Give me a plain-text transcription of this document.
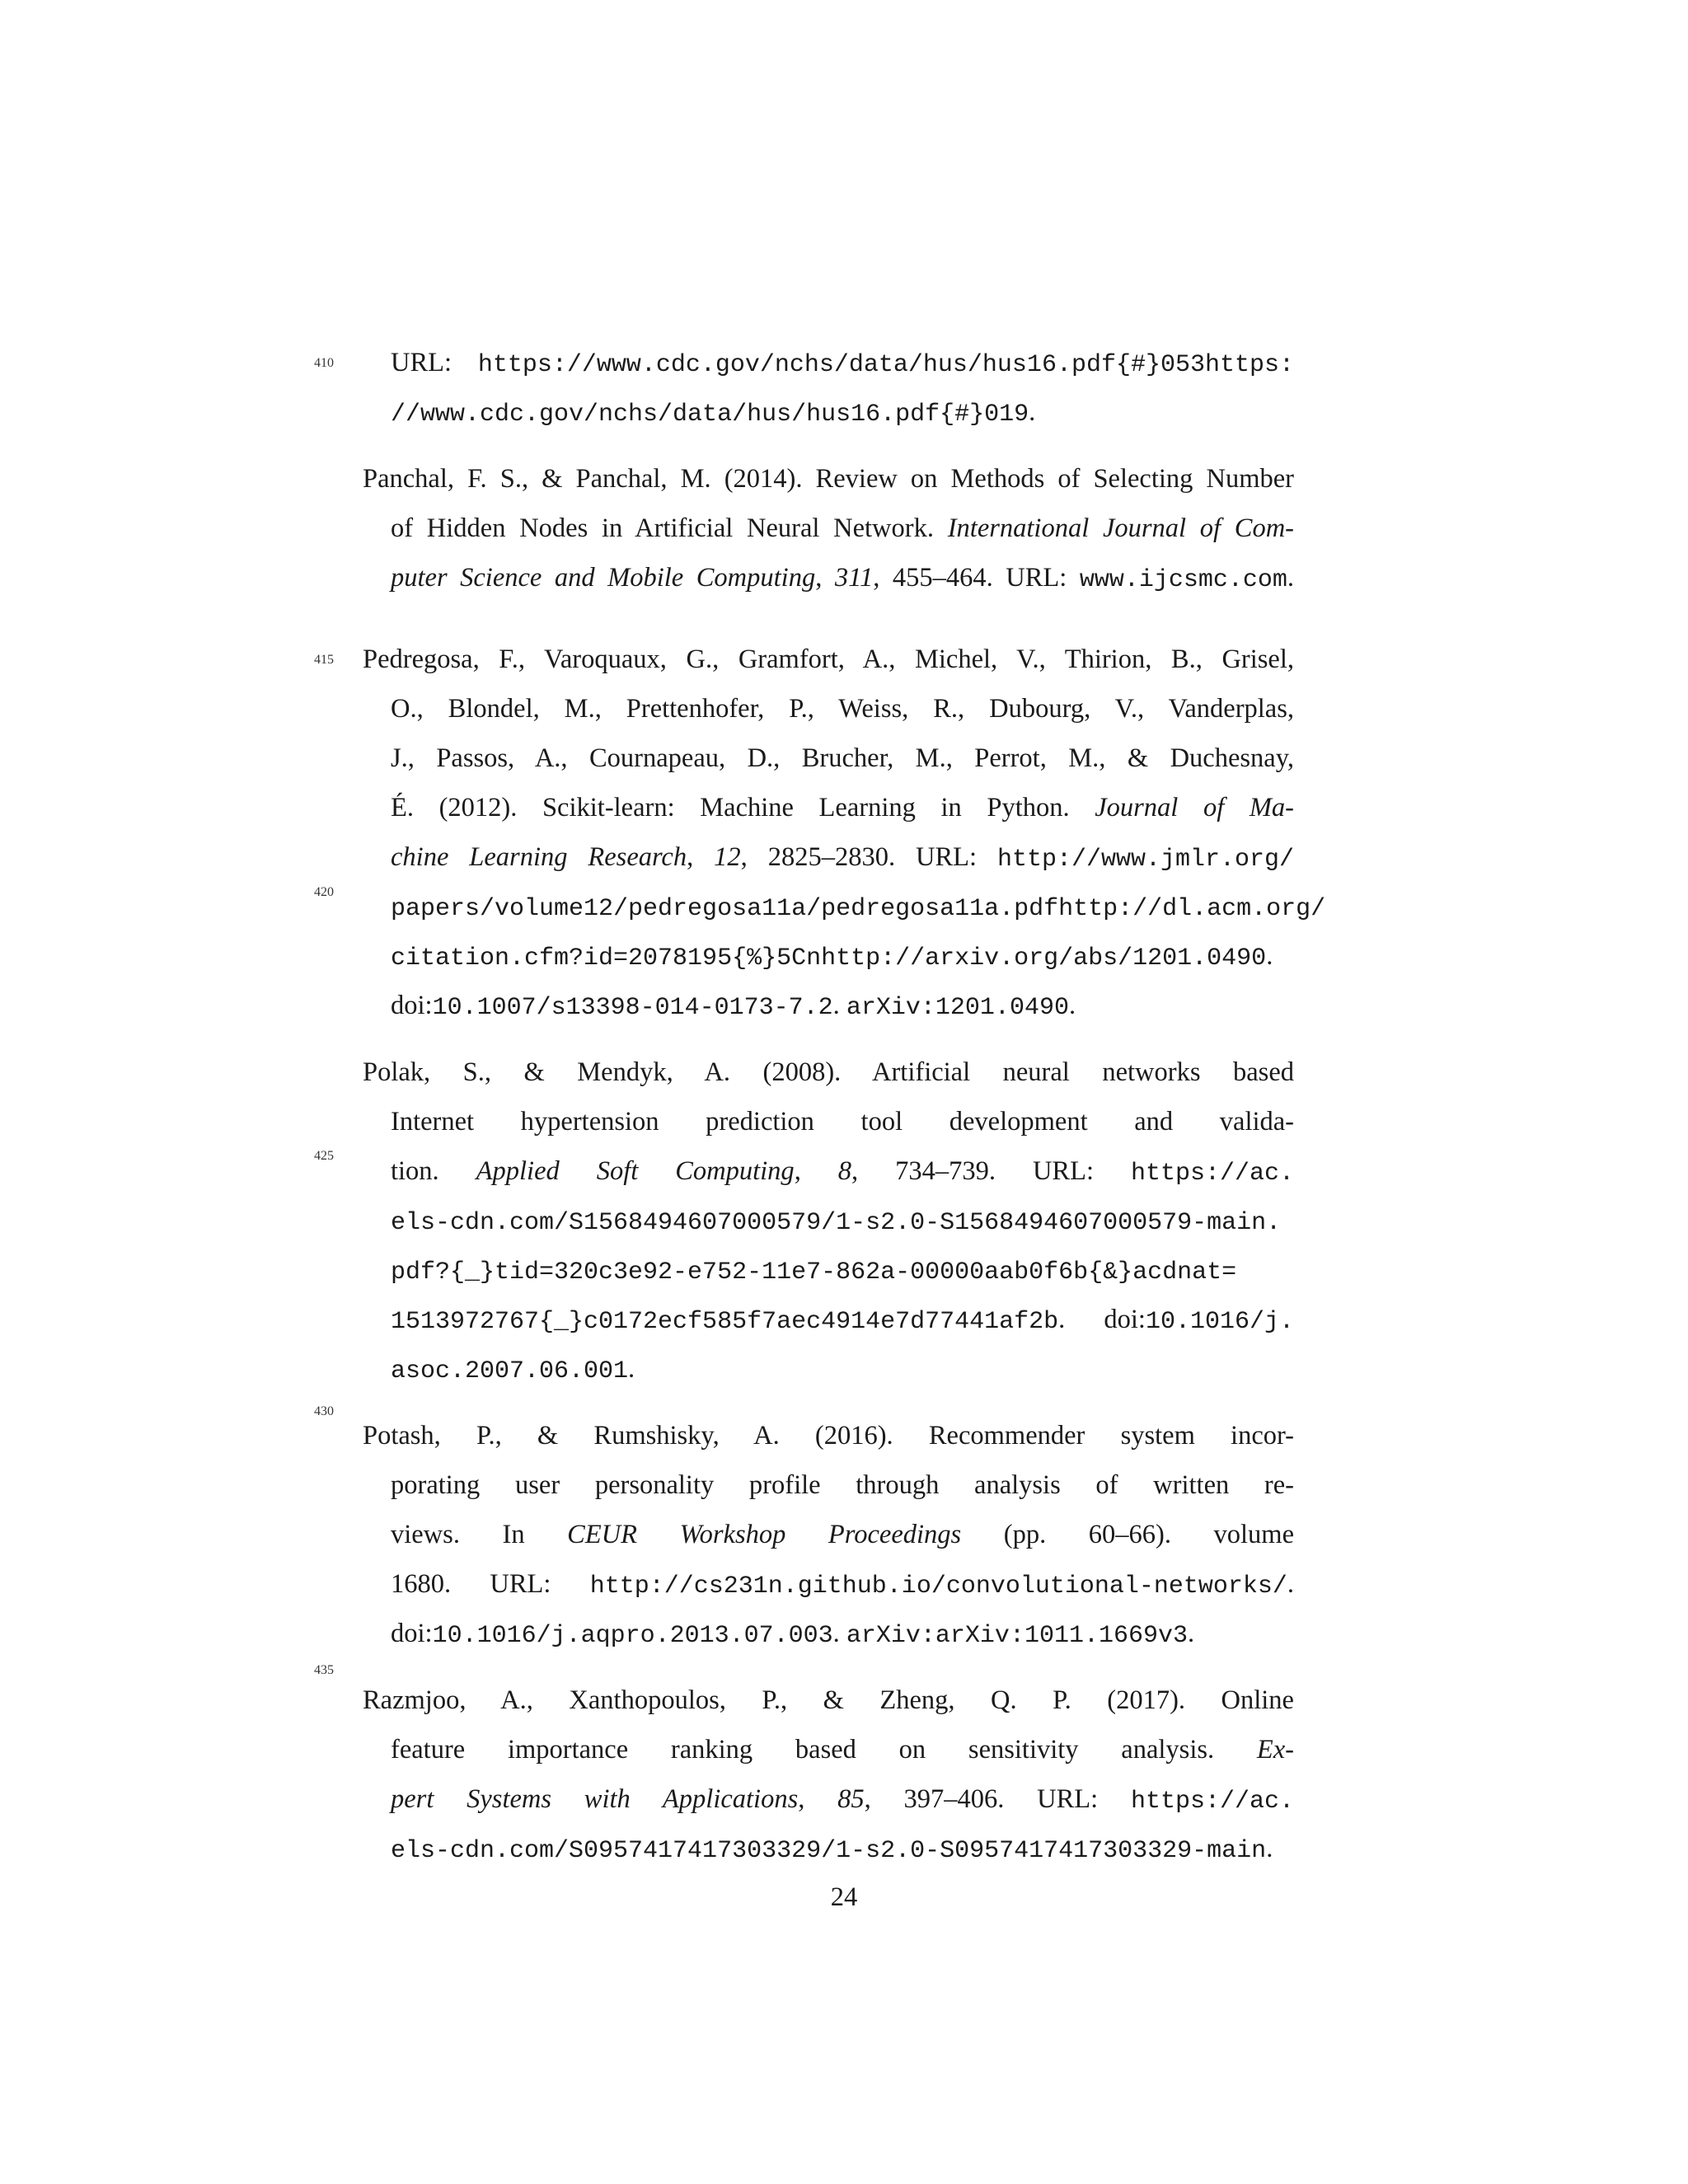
410
415
420
425
430
435
URL: https://www.cdc.gov/nchs/data/hus/hus16.pdf{#}053https:
//www.cdc.gov/nchs/data/hus/hus16.pdf{#}019.
Panchal, F. S., & Panchal, M. (2014). Review on Methods of Selecting Number
of Hidden Nodes in Artificial Neural Network. International Journal of Com-
puter Science and Mobile Computing, 311, 455–464. URL: www.ijcsmc.com.
Pedregosa, F., Varoquaux, G., Gramfort, A., Michel, V., Thirion, B., Grisel,
O., Blondel, M., Prettenhofer, P., Weiss, R., Dubourg, V., Vanderplas,
J., Passos, A., Cournapeau, D., Brucher, M., Perrot, M., & Duchesnay,
É. (2012). Scikit-learn: Machine Learning in Python. Journal of Ma-
chine Learning Research, 12, 2825–2830. URL: http://www.jmlr.org/
papers/volume12/pedregosa11a/pedregosa11a.pdfhttp://dl.acm.org/
citation.cfm?id=2078195{%}5Cnhttp://arxiv.org/abs/1201.0490.
doi:10.1007/s13398-014-0173-7.2. arXiv:1201.0490.
Polak, S., & Mendyk, A. (2008). Artificial neural networks based
Internet hypertension prediction tool development and valida-
tion. Applied Soft Computing, 8, 734–739. URL: https://ac.
els-cdn.com/S1568494607000579/1-s2.0-S1568494607000579-main.
pdf?{_}tid=320c3e92-e752-11e7-862a-00000aab0f6b{&}acdnat=
1513972767{_}c0172ecf585f7aec4914e7d77441af2b. doi:10.1016/j.
asoc.2007.06.001.
Potash, P., & Rumshisky, A. (2016). Recommender system incor-
porating user personality profile through analysis of written re-
views. In CEUR Workshop Proceedings (pp. 60–66). volume
1680. URL: http://cs231n.github.io/convolutional-networks/.
doi:10.1016/j.aqpro.2013.07.003. arXiv:arXiv:1011.1669v3.
Razmjoo, A., Xanthopoulos, P., & Zheng, Q. P. (2017). Online
feature importance ranking based on sensitivity analysis. Ex-
pert Systems with Applications, 85, 397–406. URL: https://ac.
els-cdn.com/S0957417417303329/1-s2.0-S0957417417303329-main.
24
